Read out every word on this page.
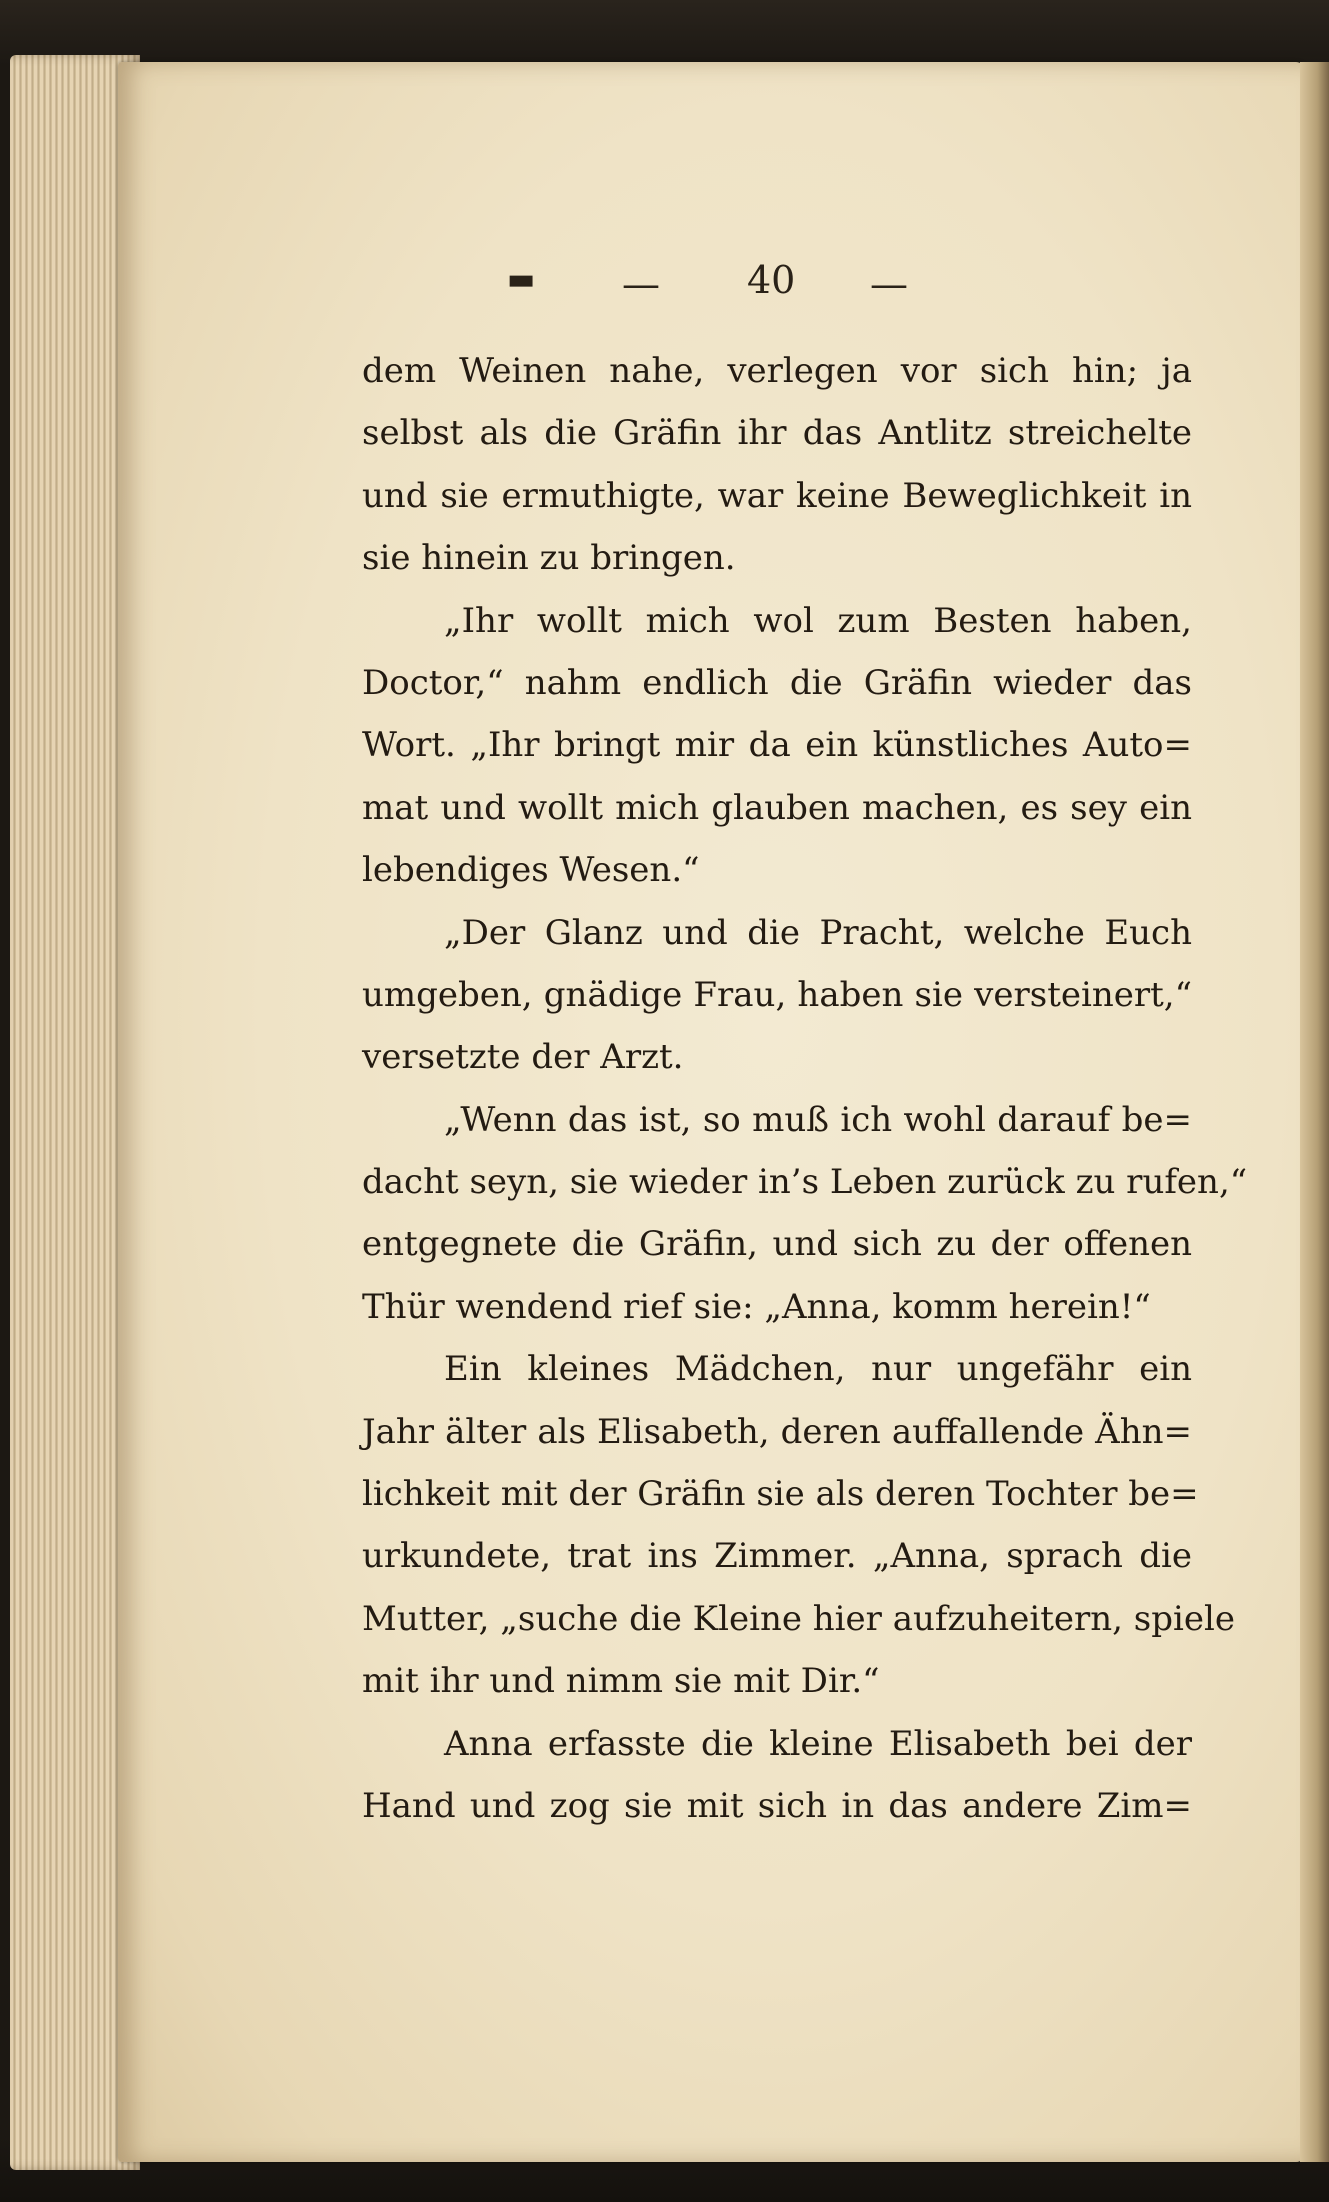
▬ — 40 —
dem Weinen nahe, verlegen vor sich hin; ja
selbst als die Gräfin ihr das Antlitz streichelte
und sie ermuthigte, war keine Beweglichkeit in
sie hinein zu bringen.
„Ihr wollt mich wol zum Besten haben,
Doctor,“ nahm endlich die Gräfin wieder das
Wort. „Ihr bringt mir da ein künstliches Auto=
mat und wollt mich glauben machen, es sey ein
lebendiges Wesen.“
„Der Glanz und die Pracht, welche Euch
umgeben, gnädige Frau, haben sie versteinert,“
versetzte der Arzt.
„Wenn das ist, so muß ich wohl darauf be=
dacht seyn, sie wieder in’s Leben zurück zu rufen,“
entgegnete die Gräfin, und sich zu der offenen
Thür wendend rief sie: „Anna, komm herein!“
Ein kleines Mädchen, nur ungefähr ein
Jahr älter als Elisabeth, deren auffallende Ähn=
lichkeit mit der Gräfin sie als deren Tochter be=
urkundete, trat ins Zimmer. „Anna, sprach die
Mutter, „suche die Kleine hier aufzuheitern, spiele
mit ihr und nimm sie mit Dir.“
Anna erfasste die kleine Elisabeth bei der
Hand und zog sie mit sich in das andere Zim=
